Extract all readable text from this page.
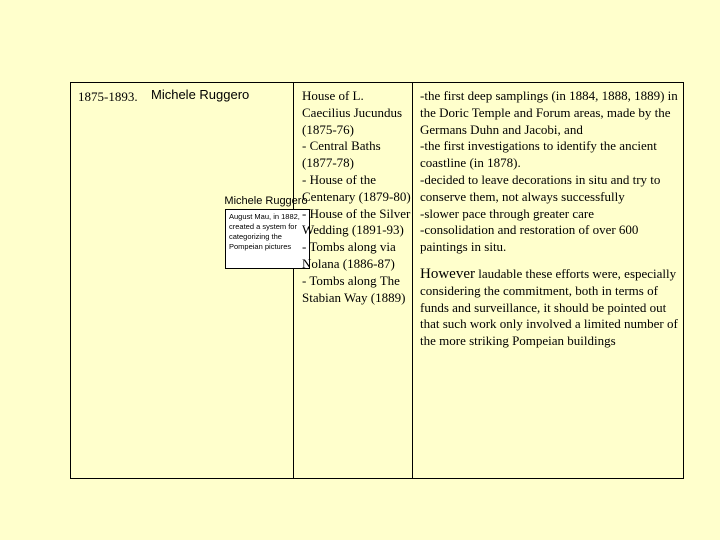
1875-1893. Michele Ruggero
Michele Ruggero
August Mau, in 1882, created a system for categorizing the Pompeian pictures
House of L. Caecilius Jucundus (1875-76)
- Central Baths (1877-78)
- House of the Centenary (1879-80)
- House of the Silver Wedding (1891-93)
- Tombs along via Nolana (1886-87)
- Tombs along The Stabian Way (1889)

-the first deep samplings (in 1884, 1888, 1889) in the Doric Temple and Forum areas, made by the Germans Duhn and Jacobi, and

-the first investigations to identify the ancient coastline (in 1878).

-decided to leave decorations in situ and try to conserve them, not always successfully

-slower pace through greater care

-consolidation and restoration of over 600 paintings in situ.

However laudable these efforts were, especially considering the commitment, both in terms of funds and surveillance, it should be pointed out that such work only involved a limited number of the more striking Pompeian buildings
